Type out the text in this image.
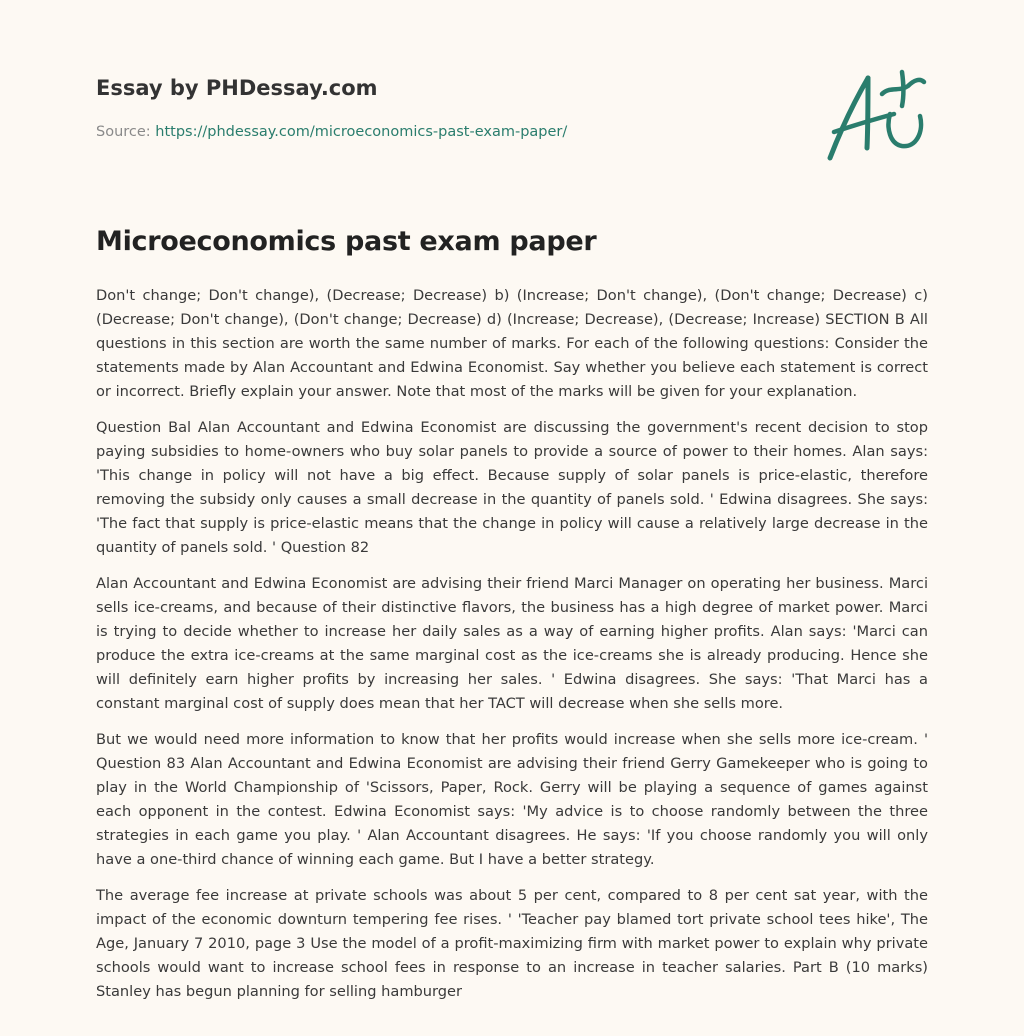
Essay by PHDessay.com
Source: https://phdessay.com/microeconomics-past-exam-paper/
Microeconomics past exam paper

Don't change; Don't change), (Decrease; Decrease) b) (Increase; Don't change), (Don't change; Decrease) c) (Decrease; Don't change), (Don't change; Decrease) d) (Increase; Decrease), (Decrease; Increase) SECTION B All questions in this section are worth the same number of marks. For each of the following questions: Consider the statements made by Alan Accountant and Edwina Economist. Say whether you believe each statement is correct or incorrect. Briefly explain your answer. Note that most of the marks will be given for your explanation.

Question Bal Alan Accountant and Edwina Economist are discussing the government's recent decision to stop paying subsidies to home-owners who buy solar panels to provide a source of power to their homes. Alan says: 'This change in policy will not have a big effect. Because supply of solar panels is price-elastic, therefore removing the subsidy only causes a small decrease in the quantity of panels sold. ' Edwina disagrees. She says: 'The fact that supply is price-elastic means that the change in policy will cause a relatively large decrease in the quantity of panels sold. ' Question 82

Alan Accountant and Edwina Economist are advising their friend Marci Manager on operating her business. Marci sells ice-creams, and because of their distinctive flavors, the business has a high degree of market power. Marci is trying to decide whether to increase her daily sales as a way of earning higher profits. Alan says: 'Marci can produce the extra ice-creams at the same marginal cost as the ice-creams she is already producing. Hence she will definitely earn higher profits by increasing her sales. ' Edwina disagrees. She says: 'That Marci has a constant marginal cost of supply does mean that her TACT will decrease when she sells more.

But we would need more information to know that her profits would increase when she sells more ice-cream. ' Question 83 Alan Accountant and Edwina Economist are advising their friend Gerry Gamekeeper who is going to play in the World Championship of 'Scissors, Paper, Rock. Gerry will be playing a sequence of games against each opponent in the contest. Edwina Economist says: 'My advice is to choose randomly between the three strategies in each game you play. ' Alan Accountant disagrees. He says: 'If you choose randomly you will only have a one-third chance of winning each game. But I have a better strategy.

The average fee increase at private schools was about 5 per cent, compared to 8 per cent sat year, with the impact of the economic downturn tempering fee rises. ' 'Teacher pay blamed tort private school tees hike', The Age, January 7 2010, page 3 Use the model of a profit-maximizing firm with market power to explain why private schools would want to increase school fees in response to an increase in teacher salaries. Part B (10 marks) Stanley has begun planning for selling hamburger
